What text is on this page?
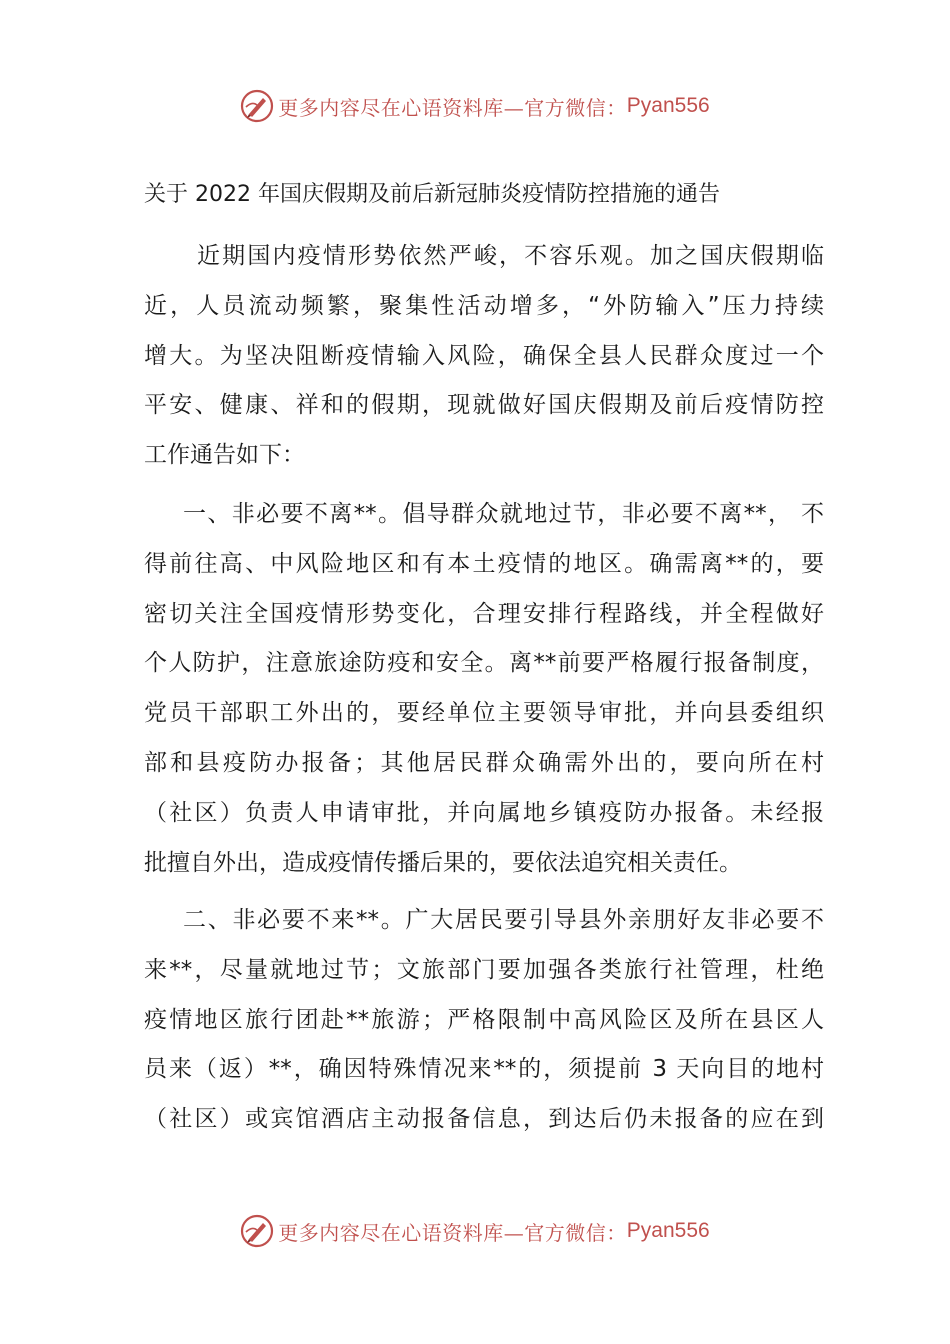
更多内容尽在心语资料库—官方微信： Pyan556
关于 2022 年国庆假期及前后新冠肺炎疫情防控措施的通告
近期国内疫情形势依然严峻，不容乐观。加之国庆假期临
近，人员流动频繁，聚集性活动增多，“外防输入”压力持续
增大。为坚决阻断疫情输入风险，确保全县人民群众度过一个
平安、健康、祥和的假期，现就做好国庆假期及前后疫情防控
工作通告如下：
一、非必要不离**。倡导群众就地过节，非必要不离**， 不
得前往高、中风险地区和有本土疫情的地区。确需离**的，要
密切关注全国疫情形势变化，合理安排行程路线，并全程做好
个人防护，注意旅途防疫和安全。离**前要严格履行报备制度，
党员干部职工外出的，要经单位主要领导审批，并向县委组织
部和县疫防办报备；其他居民群众确需外出的，要向所在村
（社区）负责人申请审批，并向属地乡镇疫防办报备。未经报
批擅自外出，造成疫情传播后果的，要依法追究相关责任。
二、非必要不来**。广大居民要引导县外亲朋好友非必要不
来**，尽量就地过节；文旅部门要加强各类旅行社管理，杜绝
疫情地区旅行团赴**旅游；严格限制中高风险区及所在县区人
员来（返）**，确因特殊情况来**的，须提前 3 天向目的地村
（社区）或宾馆酒店主动报备信息，到达后仍未报备的应在到
更多内容尽在心语资料库—官方微信： Pyan556
